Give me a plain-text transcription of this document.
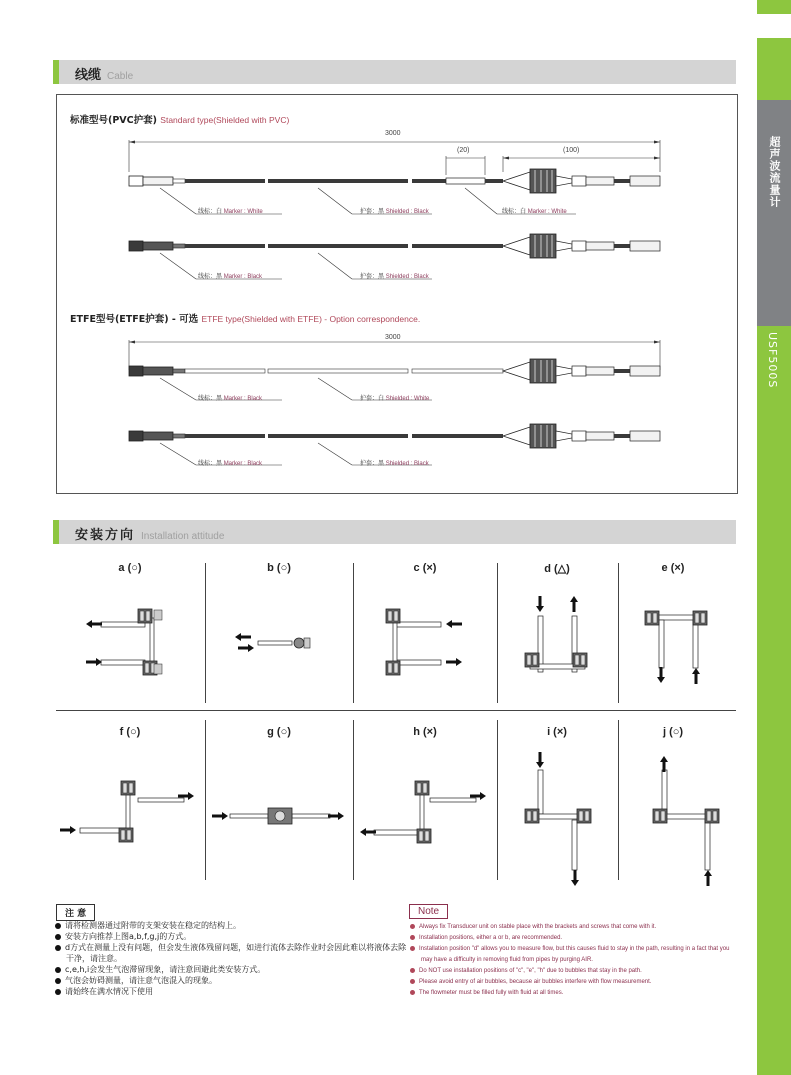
超声波流量计
USF500S
线缆 Cable
标准型号(PVC护套) Standard type(Shielded with PVC)
3000
(20)	(100)
线标：白 Marker : White	护套：黑 Shielded : Black	线标：白 Marker : White
线标：黑 Marker : Black	护套：黑 Shielded : Black
ETFE型号(ETFE护套) - 可选 ETFE type(Shielded with ETFE) - Option correspondence.
3000
线标：黑 Marker : Black	护套：白 Shielded : White
线标：黑 Marker : Black	护套：黑 Shielded : Black
安装方向 Installation attitude
a (○)	b (○)	c (×)	d (△)	e (×)
f (○)	g (○)	h (×)	i (×)	j (○)
注 意	Note
请将检测器通过附带的支架安装在稳定的结构上。
安装方向推荐上图a,b,f,g,j的方式。
d方式在测量上没有问题，但会发生液体残留问题，如进行流体去除作业时会因此难以将液体去除干净，请注意。
c,e,h,i会发生气泡滞留现象，请注意回避此类安装方式。
气泡会妨碍测量，请注意气泡混入的现象。
请始终在满水情况下使用
Always fix Transducer unit on stable place with the brackets and screws that come with it.
Installation positions, either a or b, are recommended.
Installation position "d" allows you to measure flow, but this causes fluid to stay in the path, resulting in a fact that you may have a difficulty in removing fluid from pipes by purging AIR.
Do NOT use installation positions of "c", "e", "h" due to bubbles that stay in the path.
Please avoid entry of air bubbles, because air bubbles interfere with flow measurement.
The flowmeter must be filled fully with fluid at all times.
